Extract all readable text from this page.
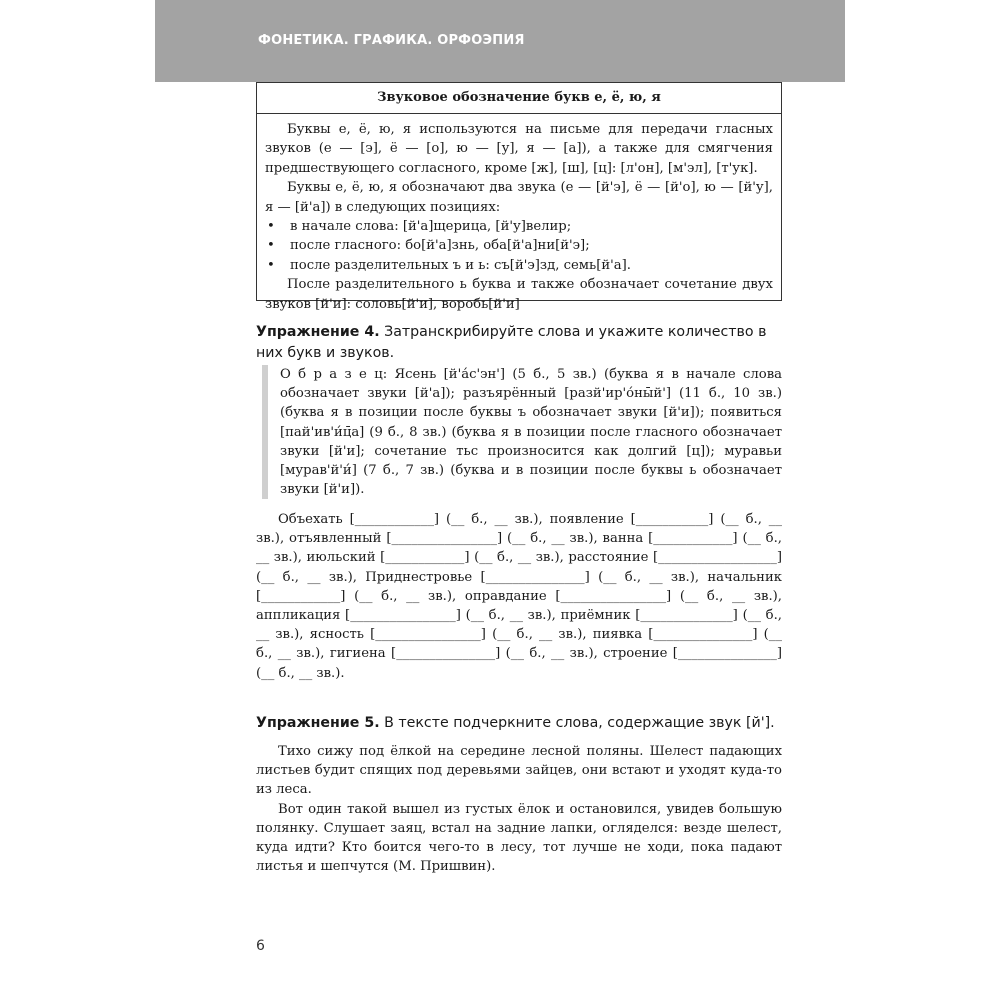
ФОНЕТИКА. ГРАФИКА. ОРФОЭПИЯ
Звуковое обозначение букв е, ё, ю, я

Буквы е, ё, ю, я используются на письме для передачи гласных звуков (е — [э], ё — [о], ю — [у], я — [а]), а также для смягчения предшествующего согласного, кроме [ж], [ш], [ц]: [л'он], [м'эл], [т'ук].

Буквы е, ё, ю, я обозначают два звука (е — [й'э], ё — [й'о], ю — [й'у], я — [й'а]) в следующих позициях:

• в начале слова: [й'а]щерица, [й'у]велир;
• после гласного: бо[й'а]знь, оба[й'а]ни[й'э];
• после разделительных ъ и ь: съ[й'э]зд, семь[й'а].

После разделительного ь буква и также обозначает сочетание двух звуков [й'и]: соловь[й'и], воробь[й'и]

Упражнение 4. Затранскрибируйте слова и укажите количество в них букв и звуков.

О б р а з е ц: Ясень [й'а́с'эн'] (5 б., 5 зв.) (буква я в начале слова обозначает звуки [й'а]); разъярённый [разй'ир'о́ны̄й'] (11 б., 10 зв.) (буква я в позиции после буквы ъ обозначает звуки [й'и]); появиться [пай'ив'и́ц̄а] (9 б., 8 зв.) (буква я в позиции после гласного обозначает звуки [й'и]; сочетание тьс произносится как долгий [ц]); муравьи [мурав'й'и́] (7 б., 7 зв.) (буква и в позиции после буквы ь обозначает звуки [й'и]).

Объехать [____________] (__ б., __ зв.), появление [___________] (__ б., __ зв.), отъявленный [________________] (__ б., __ зв.), ванна [____________] (__ б., __ зв.), июльский [____________] (__ б., __ зв.), расстояние [__________________] (__ б., __ зв.), Приднестровье [_______________] (__ б., __ зв.), начальник [____________] (__ б., __ зв.), оправдание [________________] (__ б., __ зв.), аппликация [________________] (__ б., __ зв.), приёмник [______________] (__ б., __ зв.), ясность [________________] (__ б., __ зв.), пиявка [_______________] (__ б., __ зв.), гигиена [_______________] (__ б., __ зв.), строение [_______________] (__ б., __ зв.).

Упражнение 5. В тексте подчеркните слова, содержащие звук [й'].

Тихо сижу под ёлкой на середине лесной поляны. Шелест падающих листьев будит спящих под деревьями зайцев, они встают и уходят куда-то из леса.

Вот один такой вышел из густых ёлок и остановился, увидев большую полянку. Слушает заяц, встал на задние лапки, огляделся: везде шелест, куда идти? Кто боится чего-то в лесу, тот лучше не ходи, пока падают листья и шепчутся (М. Пришвин).

6
